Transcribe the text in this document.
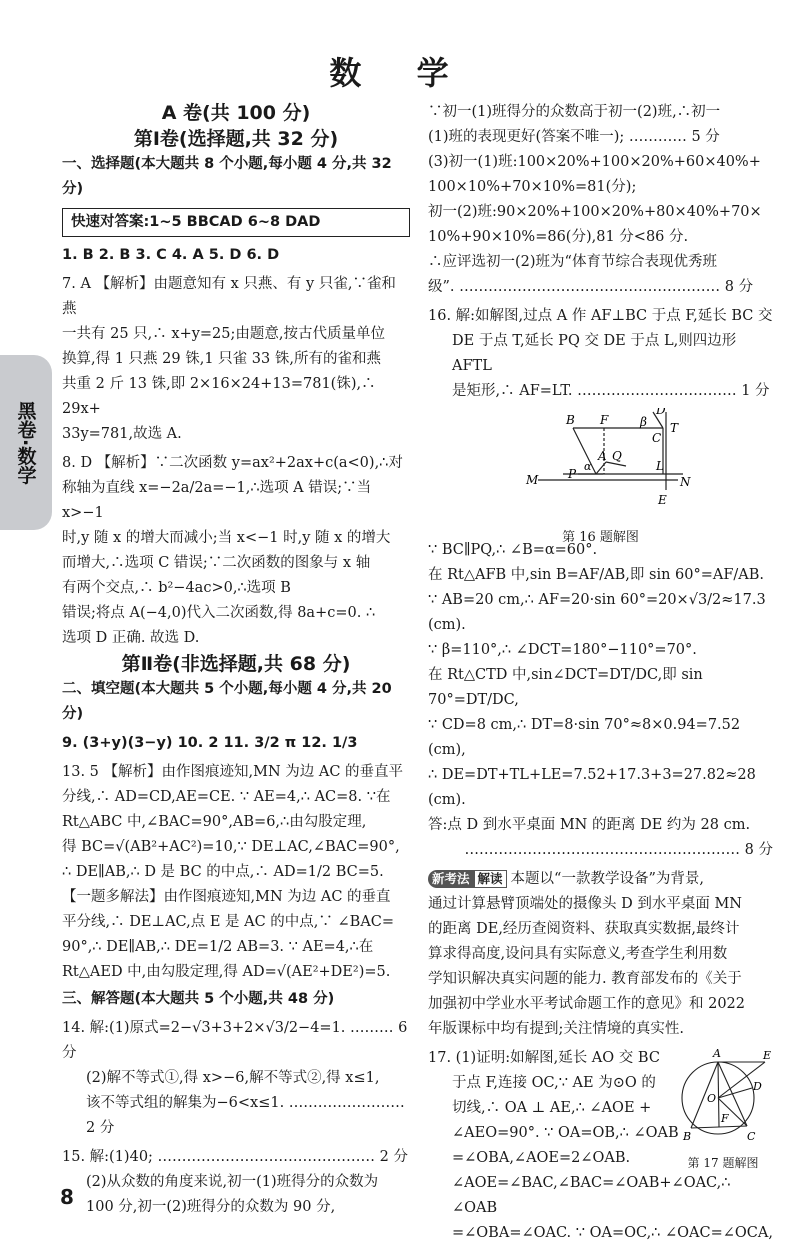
数 学
黑卷·数学

A 卷(共 100 分)

第Ⅰ卷(选择题,共 32 分)

一、选择题(本大题共 8 个小题,每小题 4 分,共 32 分)

快速对答案:1~5 BBCAD 6~8 DAD

1. B 2. B 3. C 4. A 5. D 6. D

7. A 【解析】由题意知有 x 只燕、有 y 只雀,∵雀和燕

一共有 25 只,∴ x+y=25;由题意,按古代质量单位

换算,得 1 只燕 29 铢,1 只雀 33 铢,所有的雀和燕

共重 2 斤 13 铢,即 2×16×24+13=781(铢),∴ 29x+

33y=781,故选 A.

8. D 【解析】∵二次函数 y=ax²+2ax+c(a<0),∴对

称轴为直线 x=−2a/2a=−1,∴选项 A 错误;∵当 x>−1

时,y 随 x 的增大而减小;当 x<−1 时,y 随 x 的增大

而增大,∴选项 C 错误;∵二次函数的图象与 x 轴

有两个交点,∴ b²−4ac>0,∴选项 B

错误;将点 A(−4,0)代入二次函数,得 8a+c=0. ∴

选项 D 正确. 故选 D.

第Ⅱ卷(非选择题,共 68 分)

二、填空题(本大题共 5 个小题,每小题 4 分,共 20 分)

9. (3+y)(3−y) 10. 2 11. 3/2 π 12. 1/3

13. 5 【解析】由作图痕迹知,MN 为边 AC 的垂直平

分线,∴ AD=CD,AE=CE. ∵ AE=4,∴ AC=8. ∵在

Rt△ABC 中,∠BAC=90°,AB=6,∴由勾股定理,

得 BC=√(AB²+AC²)=10,∵ DE⊥AC,∠BAC=90°,

∴ DE∥AB,∴ D 是 BC 的中点,∴ AD=1/2 BC=5.

【一题多解法】由作图痕迹知,MN 为边 AC 的垂直

平分线,∴ DE⊥AC,点 E 是 AC 的中点,∵ ∠BAC=

90°,∴ DE∥AB,∴ DE=1/2 AB=3. ∵ AE=4,∴在

Rt△AED 中,由勾股定理,得 AD=√(AE²+DE²)=5.

三、解答题(本大题共 5 个小题,共 48 分)

14. 解:(1)原式=2−√3+3+2×√3/2−4=1. ……… 6 分

(2)解不等式①,得 x>−6,解不等式②,得 x≤1,

该不等式组的解集为−6<x≤1. …………………… 2 分

15. 解:(1)40; ……………………………………… 2 分

(2)从众数的角度来说,初一(1)班得分的众数为

100 分,初一(2)班得分的众数为 90 分,

∵初一(1)班得分的众数高于初一(2)班,∴初一

(1)班的表现更好(答案不唯一); ………… 5 分

(3)初一(1)班:100×20%+100×20%+60×40%+

100×10%+70×10%=81(分);

初一(2)班:90×20%+100×20%+80×40%+70×

10%+90×10%=86(分),81 分<86 分.

∴应评选初一(2)班为“体育节综合表现优秀班

级”. ……………………………………………… 8 分

16. 解:如解图,过点 A 作 AF⊥BC 于点 F,延长 BC 交

DE 于点 T,延长 PQ 交 DE 于点 L,则四边形 AFTL

是矩形,∴ AF=LT. …………………………… 1 分

B F	β
D
T
C
M P
α
A Q
L
N
E

第 16 题解图

∵ BC∥PQ,∴ ∠B=α=60°.

在 Rt△AFB 中,sin B=AF/AB,即 sin 60°=AF/AB.

∵ AB=20 cm,∴ AF=20·sin 60°=20×√3/2≈17.3 (cm).

∵ β=110°,∴ ∠DCT=180°−110°=70°.

在 Rt△CTD 中,sin∠DCT=DT/DC,即 sin 70°=DT/DC,

∵ CD=8 cm,∴ DT=8·sin 70°≈8×0.94=7.52 (cm),

∴ DE=DT+TL+LE=7.52+17.3+3=27.82≈28 (cm).

答:点 D 到水平桌面 MN 的距离 DE 约为 28 cm.

………………………………………………… 8 分

新考法 解读 本题以“一款教学设备”为背景,

通过计算悬臂顶端处的摄像头 D 到水平桌面 MN

的距离 DE,经历查阅资料、获取真实数据,最终计

算求得高度,设问具有实际意义,考查学生利用数

学知识解决真实问题的能力. 教育部发布的《关于

加强初中学业水平考试命题工作的意见》和 2022

年版课标中均有提到;关注情境的真实性.

A	E
D
O
F
B	C

第 17 题解图

17. (1)证明:如解图,延长 AO 交 BC

于点 F,连接 OC,∵ AE 为⊙O 的

切线,∴ OA ⊥ AE,∴ ∠AOE +

∠AEO=90°. ∵ OA=OB,∴ ∠OAB

=∠OBA,∠AOE=2∠OAB.

∠AOE=∠BAC,∠BAC=∠OAB+∠OAC,∴ ∠OAB

=∠OBA=∠OAC. ∵ OA=OC,∴ ∠OAC=∠OCA,

8
